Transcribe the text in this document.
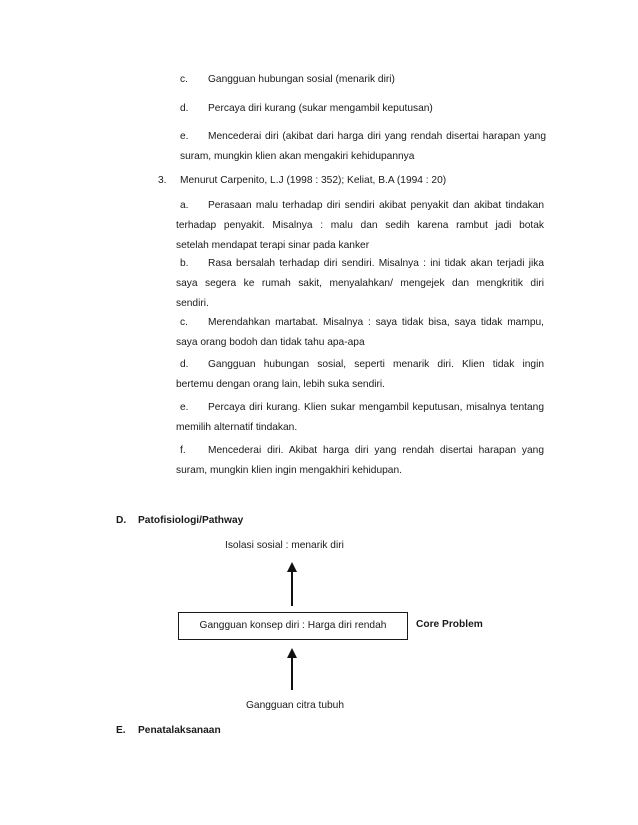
c. Gangguan hubungan sosial (menarik diri)
d. Percaya diri kurang (sukar mengambil keputusan)
e. Mencederai diri (akibat dari harga diri yang rendah disertai harapan yang
suram, mungkin klien akan mengakiri kehidupannya
3. Menurut Carpenito, L.J (1998 : 352); Keliat, B.A (1994 : 20)
a. Perasaan malu terhadap diri sendiri akibat penyakit dan akibat tindakan
terhadap penyakit. Misalnya : malu dan sedih karena rambut jadi botak
setelah mendapat terapi sinar pada kanker
b. Rasa bersalah terhadap diri sendiri. Misalnya : ini tidak akan terjadi jika
saya segera ke rumah sakit, menyalahkan/ mengejek dan mengkritik diri
sendiri.
c. Merendahkan martabat. Misalnya : saya tidak bisa, saya tidak mampu,
saya orang bodoh dan tidak tahu apa-apa
d. Gangguan hubungan sosial, seperti menarik diri. Klien tidak ingin
bertemu dengan orang lain, lebih suka sendiri.
e. Percaya diri kurang. Klien sukar mengambil keputusan, misalnya tentang
memilih alternatif tindakan.
f. Mencederai diri. Akibat harga diri yang rendah disertai harapan yang
suram, mungkin klien ingin mengakhiri kehidupan.
D. Patofisiologi/Pathway
Isolasi sosial : menarik diri
Gangguan konsep diri : Harga diri rendah	Core Problem
Gangguan citra tubuh
E. Penatalaksanaan
